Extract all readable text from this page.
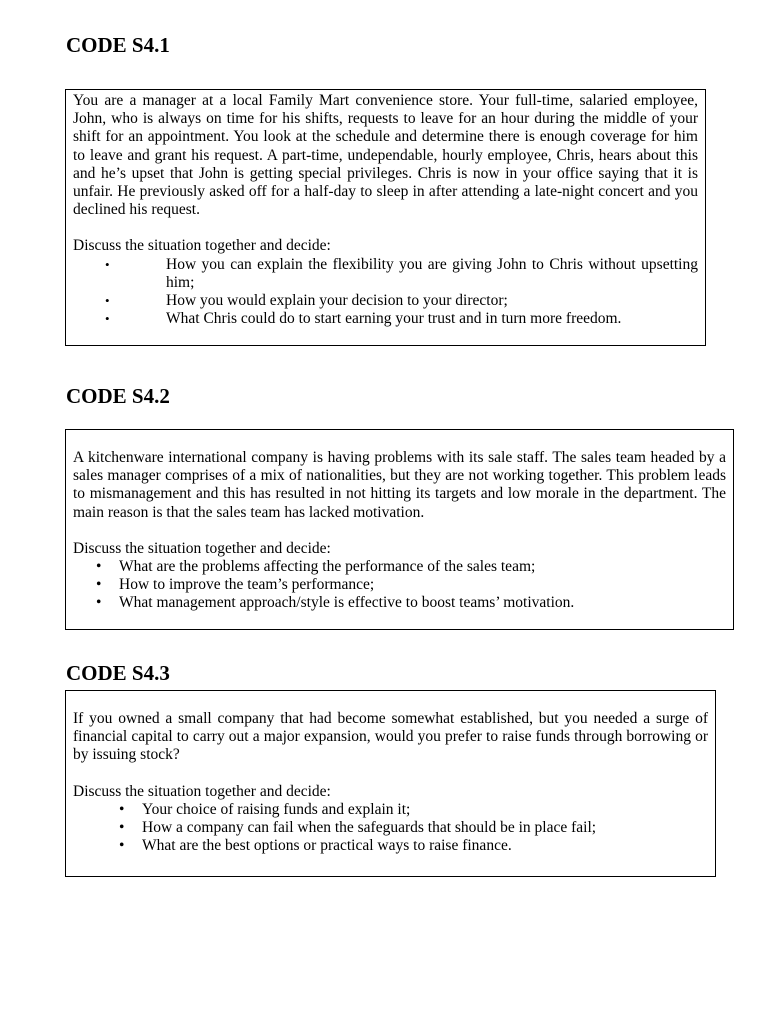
CODE S4.1

You are a manager at a local Family Mart convenience store. Your full-time, salaried employee, John, who is always on time for his shifts, requests to leave for an hour during the middle of your shift for an appointment. You look at the schedule and determine there is enough coverage for him to leave and grant his request. A part-time, undependable, hourly employee, Chris, hears about this and he’s upset that John is getting special privileges. Chris is now in your office saying that it is unfair. He previously asked off for a half-day to sleep in after attending a late-night concert and you declined his request.

Discuss the situation together and decide:

•	How you can explain the flexibility you are giving John to Chris without upsetting him;
•	How you would explain your decision to your director;
•	What Chris could do to start earning your trust and in turn more freedom.
CODE S4.2

A kitchenware international company is having problems with its sale staff. The sales team headed by a sales manager comprises of a mix of nationalities, but they are not working together. This problem leads to mismanagement and this has resulted in not hitting its targets and low morale in the department. The main reason is that the sales team has lacked motivation.

Discuss the situation together and decide:

• What are the problems affecting the performance of the sales team;
• How to improve the team’s performance;
• What management approach/style is effective to boost teams’ motivation.
CODE S4.3

If you owned a small company that had become somewhat established, but you needed a surge of financial capital to carry out a major expansion, would you prefer to raise funds through borrowing or by issuing stock?

Discuss the situation together and decide:

• Your choice of raising funds and explain it;
• How a company can fail when the safeguards that should be in place fail;
• What are the best options or practical ways to raise finance.
